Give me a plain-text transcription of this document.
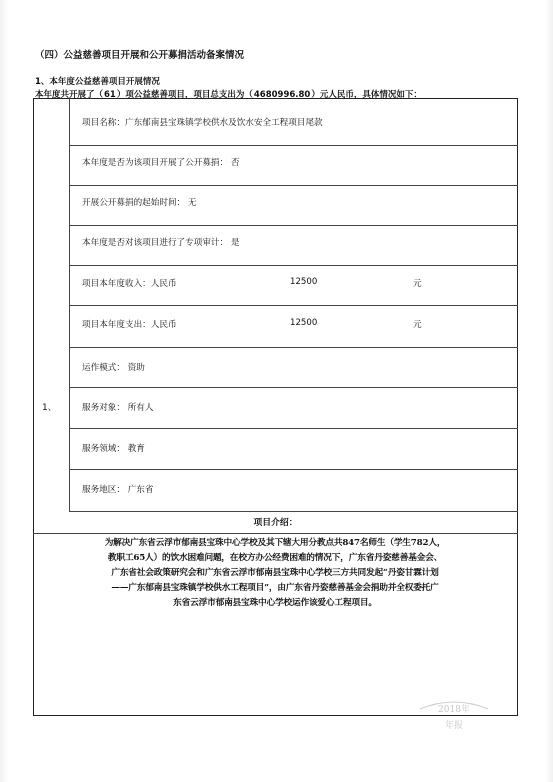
（四）公益慈善项目开展和公开募捐活动备案情况
1、本年度公益慈善项目开展情况
本年度共开展了（61）项公益慈善项目，项目总支出为（4680996.80）元人民币，具体情况如下：
1、
项目名称：广东郁南县宝珠镇学校供水及饮水安全工程项目尾款
本年度是否为该项目开展了公开募捐： 否
开展公开募捐的起始时间： 无
本年度是否对该项目进行了专项审计： 是
项目本年度收入：人民币	12500	元
项目本年度支出：人民币	12500	元
运作模式： 资助
服务对象： 所有人
服务领域： 教育
服务地区： 广东省
项目介绍：
为解决广东省云浮市郁南县宝珠中心学校及其下辖大用分教点共847名师生（学生782人，
教职工65人）的饮水困难问题，在校方办公经费困难的情况下，广东省丹姿慈善基金会、
广东省社会政策研究会和广东省云浮市郁南县宝珠中心学校三方共同发起“丹姿甘霖计划
——广东郁南县宝珠镇学校供水工程项目”，由广东省丹姿慈善基金会捐助并全权委托广
东省云浮市郁南县宝珠中心学校运作该爱心工程项目。
2018年
年报
